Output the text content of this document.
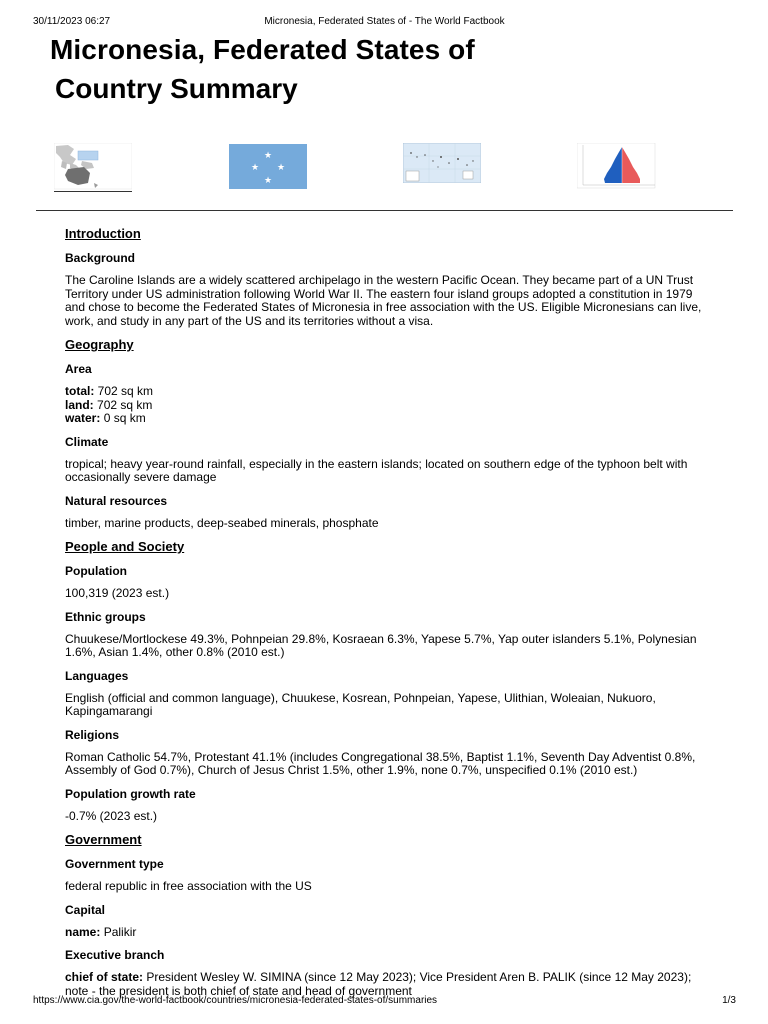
30/11/2023 06:27	Micronesia, Federated States of - The World Factbook
Micronesia, Federated States of
Country Summary
★
★ ★
★
Introduction
Background
The Caroline Islands are a widely scattered archipelago in the western Pacific Ocean. They became part of a UN Trust Territory under US administration following World War II. The eastern four island groups adopted a constitution in 1979 and chose to become the Federated States of Micronesia in free association with the US. Eligible Micronesians can live, work, and study in any part of the US and its territories without a visa.
Geography
Area
total: 702 sq km
land: 702 sq km
water: 0 sq km
Climate
tropical; heavy year-round rainfall, especially in the eastern islands; located on southern edge of the typhoon belt with occasionally severe damage
Natural resources
timber, marine products, deep-seabed minerals, phosphate
People and Society
Population
100,319 (2023 est.)
Ethnic groups
Chuukese/Mortlockese 49.3%, Pohnpeian 29.8%, Kosraean 6.3%, Yapese 5.7%, Yap outer islanders 5.1%, Polynesian 1.6%, Asian 1.4%, other 0.8% (2010 est.)
Languages
English (official and common language), Chuukese, Kosrean, Pohnpeian, Yapese, Ulithian, Woleaian, Nukuoro, Kapingamarangi
Religions
Roman Catholic 54.7%, Protestant 41.1% (includes Congregational 38.5%, Baptist 1.1%, Seventh Day Adventist 0.8%, Assembly of God 0.7%), Church of Jesus Christ 1.5%, other 1.9%, none 0.7%, unspecified 0.1% (2010 est.)
Population growth rate
-0.7% (2023 est.)
Government
Government type
federal republic in free association with the US
Capital
name: Palikir
Executive branch
chief of state: President Wesley W. SIMINA (since 12 May 2023); Vice President Aren B. PALIK (since 12 May 2023); note - the president is both chief of state and head of government
https://www.cia.gov/the-world-factbook/countries/micronesia-federated-states-of/summaries	1/3
